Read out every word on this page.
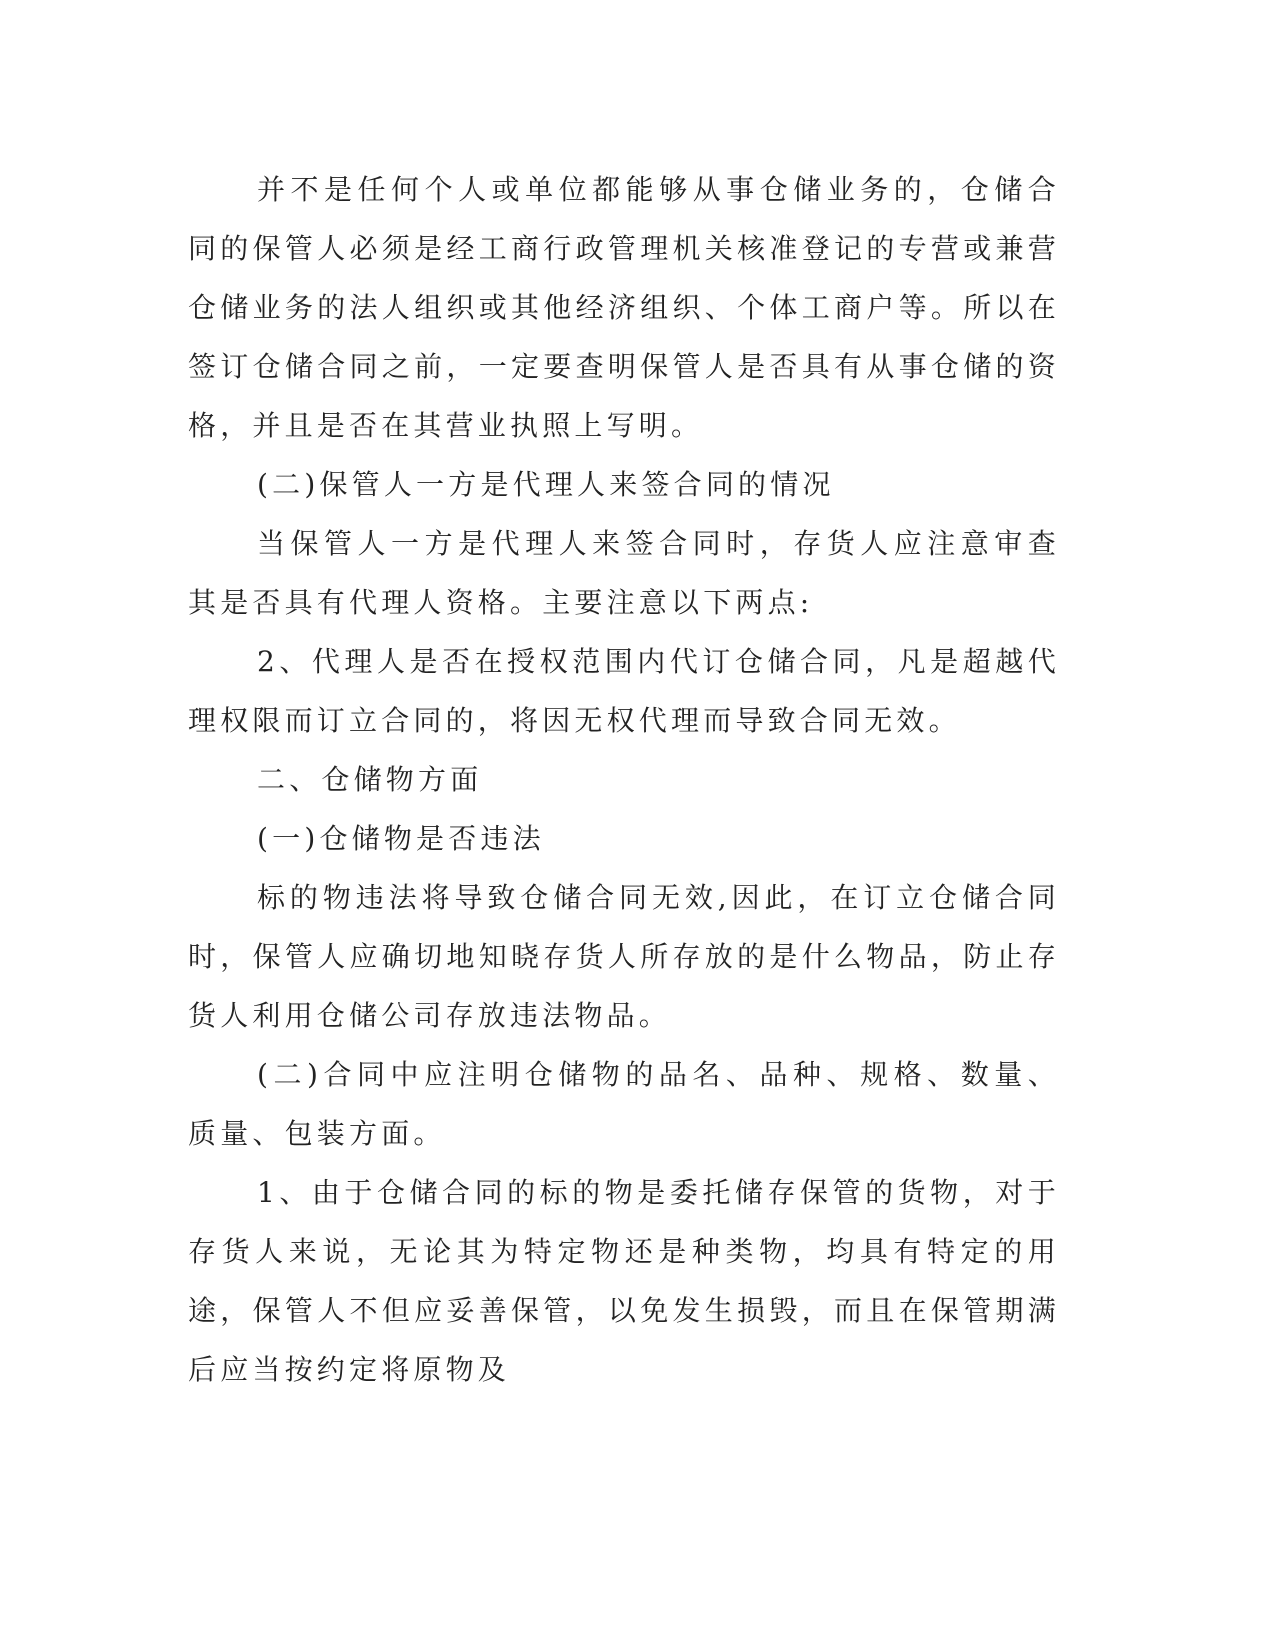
并不是任何个人或单位都能够从事仓储业务的，仓储合同的保管人必须是经工商行政管理机关核准登记的专营或兼营仓储业务的法人组织或其他经济组织、个体工商户等。所以在签订仓储合同之前，一定要查明保管人是否具有从事仓储的资格，并且是否在其营业执照上写明。

(二)保管人一方是代理人来签合同的情况

当保管人一方是代理人来签合同时，存货人应注意审查其是否具有代理人资格。主要注意以下两点:

2、代理人是否在授权范围内代订仓储合同，凡是超越代理权限而订立合同的，将因无权代理而导致合同无效。

二、仓储物方面

(一)仓储物是否违法

标的物违法将导致仓储合同无效,因此，在订立仓储合同时，保管人应确切地知晓存货人所存放的是什么物品，防止存货人利用仓储公司存放违法物品。

(二)合同中应注明仓储物的品名、品种、规格、数量、质量、包装方面。

1、由于仓储合同的标的物是委托储存保管的货物，对于存货人来说，无论其为特定物还是种类物，均具有特定的用途，保管人不但应妥善保管，以免发生损毁，而且在保管期满后应当按约定将原物及
